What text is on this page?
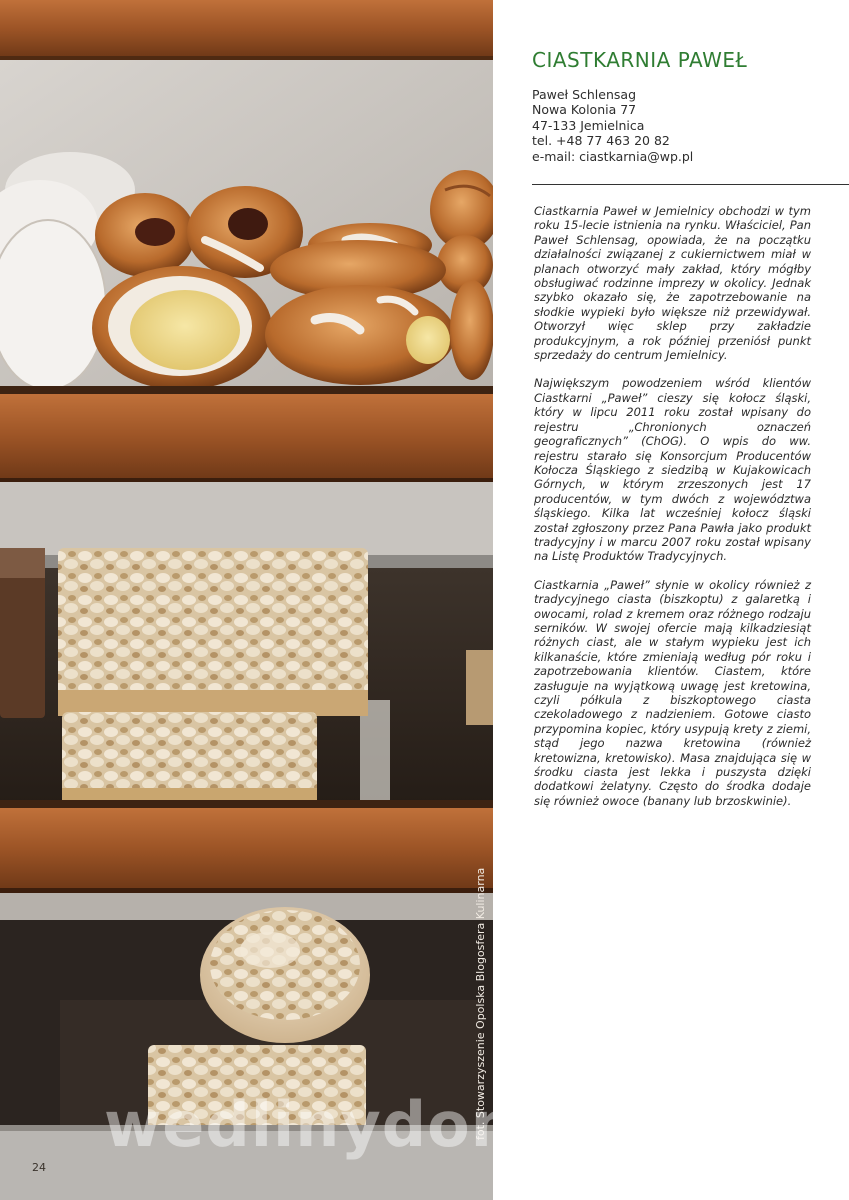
fot. Stowarzyszenie Opolska Blogosfera Kulinarna
wedlinydomowe.pl
24
CIASTKARNIA PAWEŁ
Paweł Schlensag
Nowa Kolonia 77
47-133 Jemielnica
tel. +48 77 463 20 82
e-mail: ciastkarnia@wp.pl

Ciastkarnia Paweł w Jemielnicy obchodzi w tym roku 15-lecie istnienia na rynku. Właściciel, Pan Paweł Schlensag, opowiada, że na początku działalności związanej z cukiernictwem miał w planach otworzyć mały zakład, który mógłby obsługiwać rodzinne imprezy w okolicy. Jednak szybko okazało się, że zapotrzebowanie na słodkie wypieki było większe niż przewidywał. Otworzył więc sklep przy zakładzie produkcyjnym, a rok później przeniósł punkt sprzedaży do centrum Jemielnicy.

Największym powodzeniem wśród klientów Ciastkarni „Paweł” cieszy się kołocz śląski, który w lipcu 2011 roku został wpisany do rejestru „Chronionych oznaczeń geograficznych” (ChOG). O wpis do ww. rejestru starało się Konsorcjum Producentów Kołocza Śląskiego z siedzibą w Kujakowicach Górnych, w którym zrzeszonych jest 17 producentów, w tym dwóch z województwa śląskiego. Kilka lat wcześniej kołocz śląski został zgłoszony przez Pana Pawła jako produkt tradycyjny i w marcu 2007 roku został wpisany na Listę Produktów Tradycyjnych.

Ciastkarnia „Paweł” słynie w okolicy również z tradycyjnego ciasta (biszkoptu) z galaretką i owocami, rolad z kremem oraz różnego rodzaju serników. W swojej ofercie mają kilkadziesiąt różnych ciast, ale w stałym wypieku jest ich kilkanaście, które zmieniają według pór roku i zapotrzebowania klientów. Ciastem, które zasługuje na wyjątkową uwagę jest kretowina, czyli półkula z biszkoptowego ciasta czekoladowego z nadzieniem. Gotowe ciasto przypomina kopiec, który usypują krety z ziemi, stąd jego nazwa kretowina (również kretowizna, kretowisko). Masa znajdująca się w środku ciasta jest lekka i puszysta dzięki dodatkowi żelatyny. Często do środka dodaje się również owoce (banany lub brzoskwinie).
